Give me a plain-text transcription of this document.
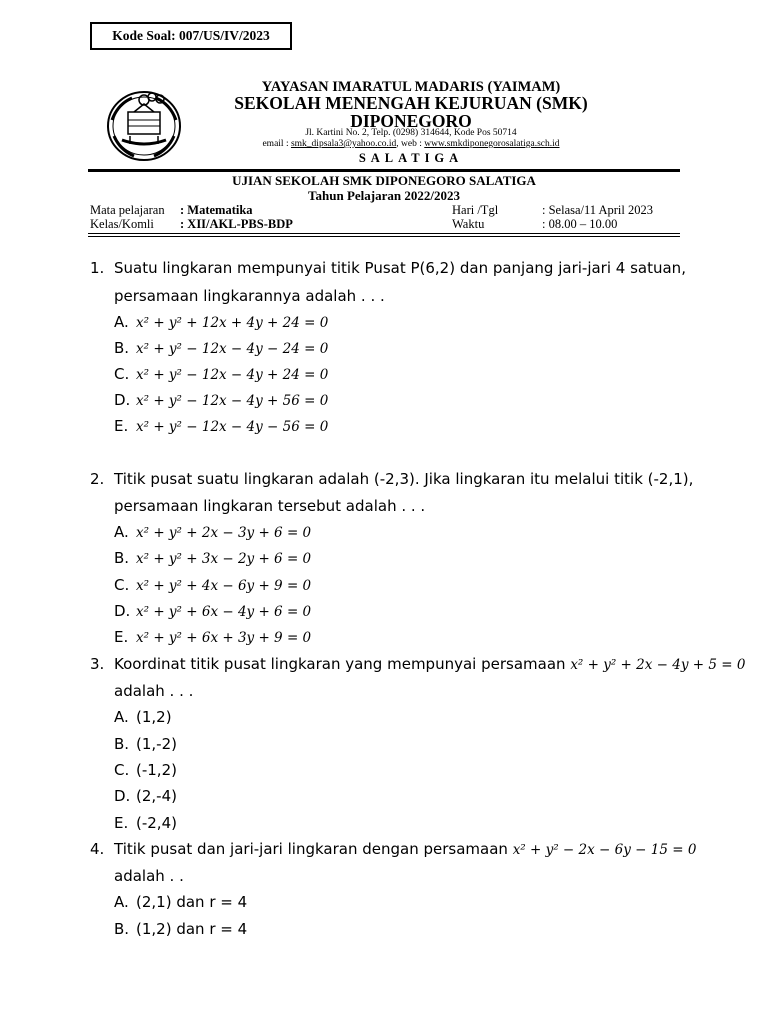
Kode Soal: 007/US/IV/2023
YAYASAN IMARATUL MADARIS (YAIMAM)
SEKOLAH MENENGAH KEJURUAN (SMK)
DIPONEGORO
Jl. Kartini No. 2, Telp. (0298) 314644, Kode Pos 50714
email : smk_dipsala3@yahoo.co.id, web : www.smkdiponegorosalatiga.sch.id
SALATIGA
UJIAN SEKOLAH SMK DIPONEGORO SALATIGA
Tahun Pelajaran 2022/2023
Mata pelajaran : Matematika	Hari /Tgl	: Selasa/11 April 2023
Kelas/Komli : XII/AKL-PBS-BDP	Waktu	: 08.00 – 10.00
1. Suatu lingkaran mempunyai titik Pusat P(6,2) dan panjang jari-jari 4 satuan,
persamaan lingkarannya adalah . . .
A. x² + y² + 12x + 4y + 24 = 0
B. x² + y² − 12x − 4y − 24 = 0
C. x² + y² − 12x − 4y + 24 = 0
D. x² + y² − 12x − 4y + 56 = 0
E. x² + y² − 12x − 4y − 56 = 0
2. Titik pusat suatu lingkaran adalah (-2,3). Jika lingkaran itu melalui titik (-2,1),
persamaan lingkaran tersebut adalah . . .
A. x² + y² + 2x − 3y + 6 = 0
B. x² + y² + 3x − 2y + 6 = 0
C. x² + y² + 4x − 6y + 9 = 0
D. x² + y² + 6x − 4y + 6 = 0
E. x² + y² + 6x + 3y + 9 = 0
3. Koordinat titik pusat lingkaran yang mempunyai persamaan x² + y² + 2x − 4y + 5 = 0
adalah . . .
A. (1,2)
B. (1,-2)
C. (-1,2)
D. (2,-4)
E. (-2,4)
4. Titik pusat dan jari-jari lingkaran dengan persamaan x² + y² − 2x − 6y − 15 = 0
adalah . .
A. (2,1) dan r = 4
B. (1,2) dan r = 4
